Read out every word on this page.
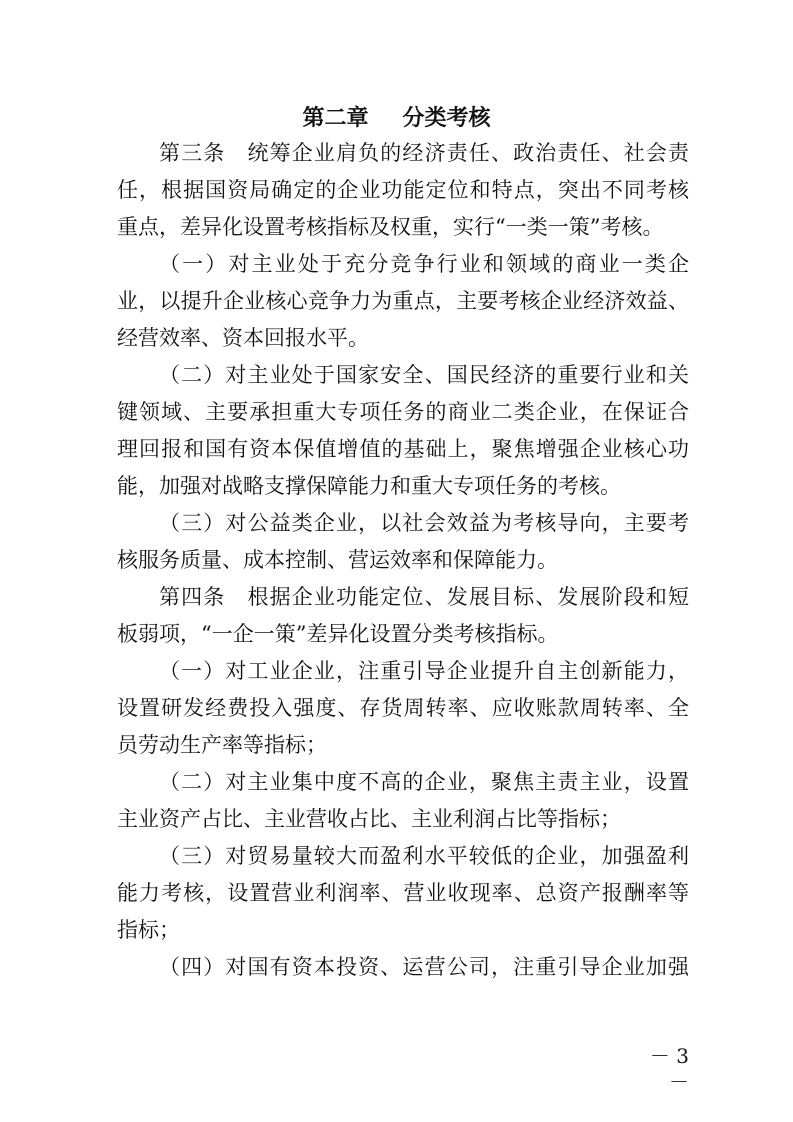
第二章 分类考核
第三条　统筹企业肩负的经济责任、政治责任、社会责
任，根据国资局确定的企业功能定位和特点，突出不同考核
重点，差异化设置考核指标及权重，实行“一类一策”考核。
（一）对主业处于充分竞争行业和领域的商业一类企
业，以提升企业核心竞争力为重点，主要考核企业经济效益、
经营效率、资本回报水平。
（二）对主业处于国家安全、国民经济的重要行业和关
键领域、主要承担重大专项任务的商业二类企业，在保证合
理回报和国有资本保值增值的基础上，聚焦增强企业核心功
能，加强对战略支撑保障能力和重大专项任务的考核。
（三）对公益类企业，以社会效益为考核导向，主要考
核服务质量、成本控制、营运效率和保障能力。
第四条　根据企业功能定位、发展目标、发展阶段和短
板弱项，“一企一策”差异化设置分类考核指标。
（一）对工业企业，注重引导企业提升自主创新能力，
设置研发经费投入强度、存货周转率、应收账款周转率、全
员劳动生产率等指标；
（二）对主业集中度不高的企业，聚焦主责主业，设置
主业资产占比、主业营收占比、主业利润占比等指标；
（三）对贸易量较大而盈利水平较低的企业，加强盈利
能力考核，设置营业利润率、营业收现率、总资产报酬率等
指标；
（四）对国有资本投资、运营公司，注重引导企业加强
－ 3 －
